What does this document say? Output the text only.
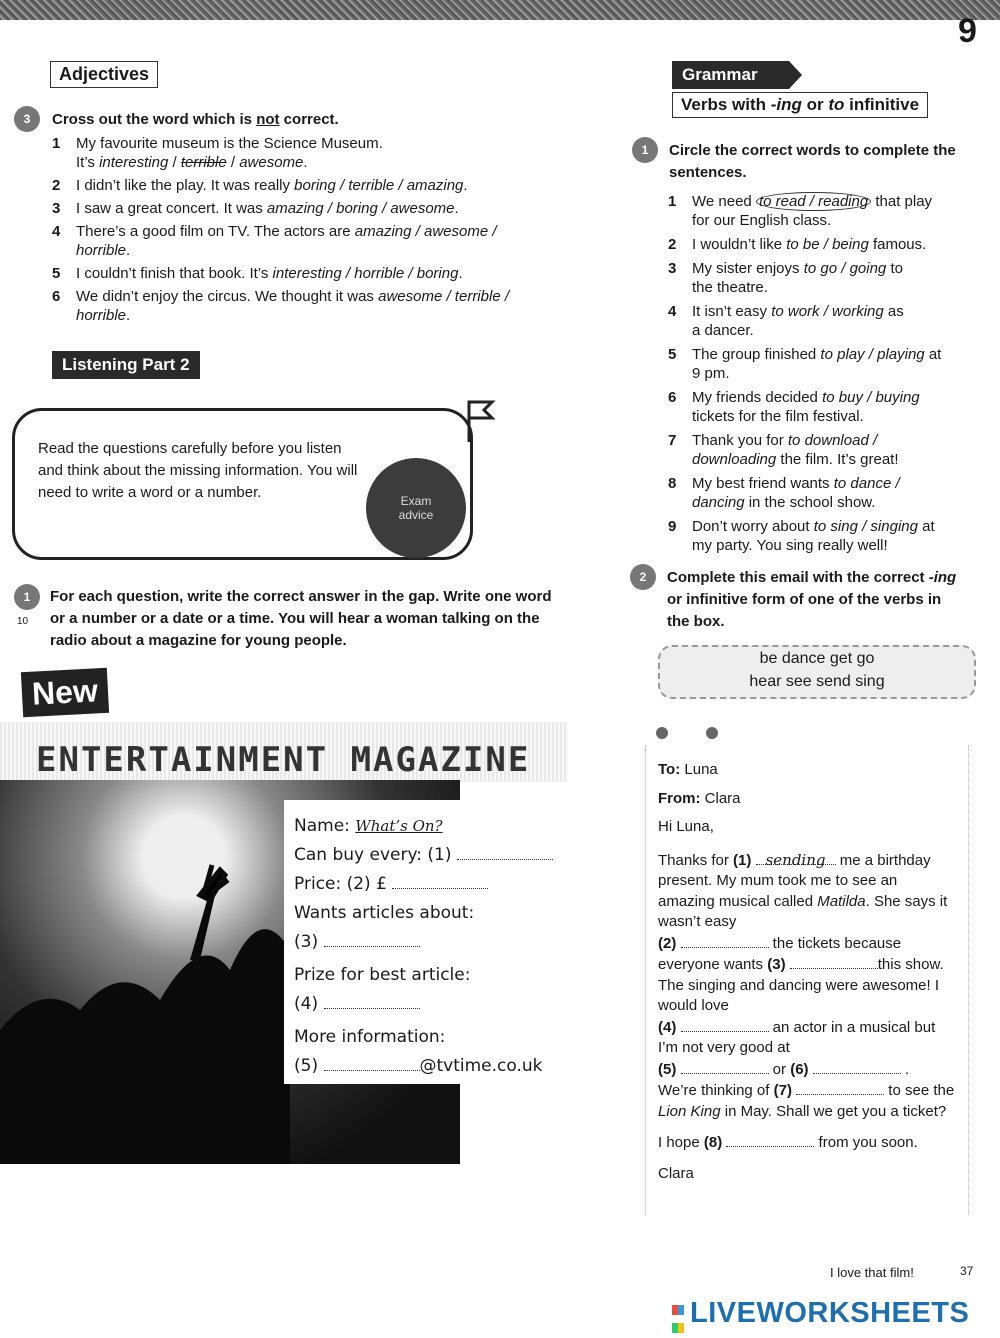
9
Adjectives
3	Cross out the word which is not correct.
1	My favourite museum is the Science Museum.
It’s interesting / terrible / awesome.
2	I didn’t like the play. It was really boring / terrible / amazing.
3	I saw a great concert. It was amazing / boring / awesome.
4	There’s a good film on TV. The actors are amazing / awesome /
horrible.
5	I couldn’t finish that book. It’s interesting / horrible / boring.
6	We didn’t enjoy the circus. We thought it was awesome / terrible /
horrible.
Listening Part 2
Read the questions carefully before you listen and think about the missing information. You will need to write a word or a number.	Exam
advice
1
10
For each question, write the correct answer in the gap. Write one word or a number or a date or a time. You will hear a woman talking on the radio about a magazine for young people.
New
ENTERTAINMENT MAGAZINE
Name: What’s On?
Can buy every: (1)
Price: (2) £
Wants articles about:
(3)
Prize for best article:
(4)
More information:
(5)	@tvtime.co.uk
Grammar
Verbs with -ing or to infinitive
1	Circle the correct words to complete the sentences.
1	We need to read / reading that play
for our English class.
2	I wouldn’t like to be / being famous.
3	My sister enjoys to go / going to
the theatre.
4	It isn’t easy to work / working as
a dancer.
5	The group finished to play / playing at
9 pm.
6	My friends decided to buy / buying
tickets for the film festival.
7	Thank you for to download /
downloading the film. It’s great!
8	My best friend wants to dance /
dancing in the school show.
9	Don’t worry about to sing / singing at
my party. You sing really well!
2	Complete this email with the correct -ing or infinitive form of one of the verbs in the box.
be dance get go
hear see send sing
To: Luna
From: Clara
Hi Luna,
Thanks for (1) sending me a birthday present. My mum took me to see an amazing musical called Matilda. She says it wasn’t easy
(2)	the tickets because everyone wants (3)	this show. The singing and dancing were awesome! I would love
(4)	an actor in a musical but I’m not very good at
(5)	or (6)	.
We’re thinking of (7)	to see the Lion King in May. Shall we get you a ticket?
I hope (8)	from you soon.
Clara
I love that film!	37

LIVEWORKSHEETS
